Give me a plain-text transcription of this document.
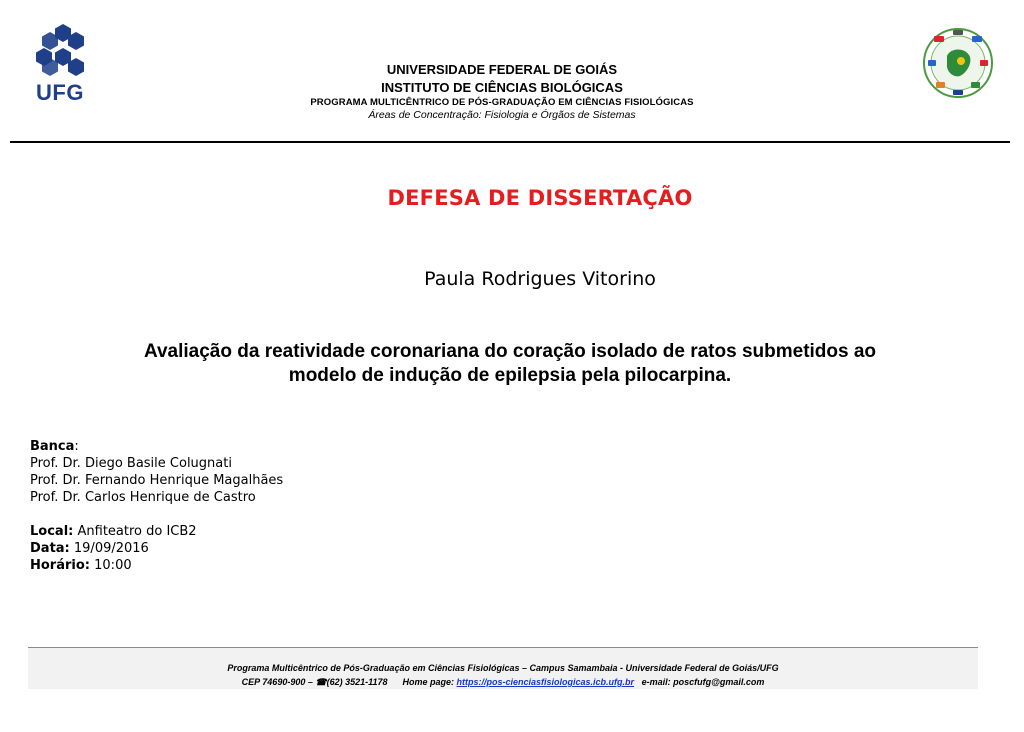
UFG
UNIVERSIDADE FEDERAL DE GOIÁS
INSTITUTO DE CIÊNCIAS BIOLÓGICAS
PROGRAMA MULTICÊNTRICO DE PÓS-GRADUAÇÃO EM CIÊNCIAS FISIOLÓGICAS
Áreas de Concentração: Fisiologia e Órgãos de Sistemas
DEFESA DE DISSERTAÇÃO
Paula Rodrigues Vitorino
Avaliação da reatividade coronariana do coração isolado de ratos submetidos ao
modelo de indução de epilepsia pela pilocarpina.
Banca:
Prof. Dr. Diego Basile Colugnati
Prof. Dr. Fernando Henrique Magalhães
Prof. Dr. Carlos Henrique de Castro
Local: Anfiteatro do ICB2
Data: 19/09/2016
Horário: 10:00
Programa Multicêntrico de Pós-Graduação em Ciências Fisiológicas – Campus Samambaia - Universidade Federal de Goiás/UFG
CEP 74690-900 – ☎(62) 3521-1178 Home page: https://pos-cienciasfisiologicas.icb.ufg.br e-mail: poscfufg@gmail.com
